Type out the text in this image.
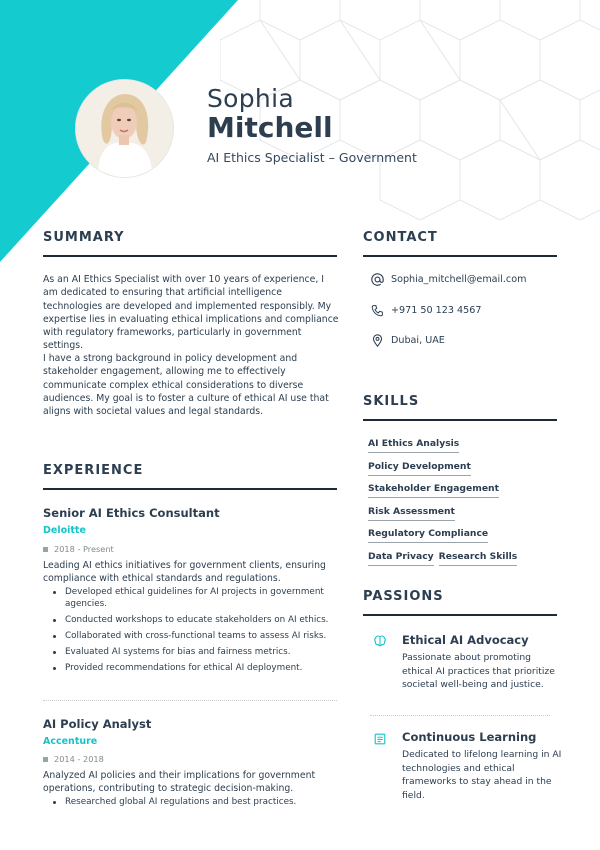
Sophia
Mitchell
AI Ethics Specialist – Government
SUMMARY
As an AI Ethics Specialist with over 10 years of experience, I am dedicated to ensuring that artificial intelligence technologies are developed and implemented responsibly. My expertise lies in evaluating ethical implications and compliance with regulatory frameworks, particularly in government settings.
I have a strong background in policy development and stakeholder engagement, allowing me to effectively communicate complex ethical considerations to diverse audiences. My goal is to foster a culture of ethical AI use that aligns with societal values and legal standards.
EXPERIENCE
Senior AI Ethics Consultant
Deloitte
2018 - Present
Leading AI ethics initiatives for government clients, ensuring compliance with ethical standards and regulations.
Developed ethical guidelines for AI projects in government agencies.
Conducted workshops to educate stakeholders on AI ethics.
Collaborated with cross-functional teams to assess AI risks.
Evaluated AI systems for bias and fairness metrics.
Provided recommendations for ethical AI deployment.
AI Policy Analyst
Accenture
2014 - 2018
Analyzed AI policies and their implications for government operations, contributing to strategic decision-making.
Researched global AI regulations and best practices.
CONTACT
Sophia_mitchell@email.com
+971 50 123 4567
Dubai, UAE
SKILLS
AI Ethics Analysis
Policy Development
Stakeholder Engagement
Risk Assessment
Regulatory Compliance
Data Privacy Research Skills
PASSIONS
Ethical AI Advocacy
Passionate about promoting ethical AI practices that prioritize societal well-being and justice.
Continuous Learning
Dedicated to lifelong learning in AI technologies and ethical frameworks to stay ahead in the field.
